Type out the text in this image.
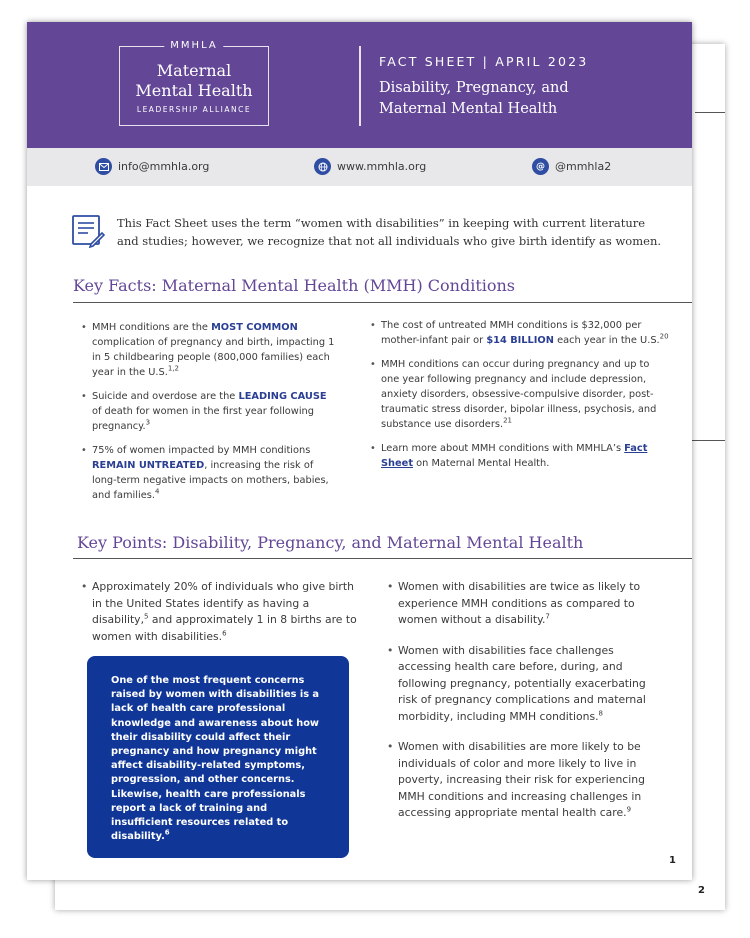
2
MMHLA
Maternal
Mental Health
LEADERSHIP ALLIANCE
FACT SHEET | APRIL 2023
Disability, Pregnancy, and
Maternal Mental Health
info@mmhla.org	www.mmhla.org	@ @mmhla2
This Fact Sheet uses the term “women with disabilities” in keeping with current literature
and studies; however, we recognize that not all individuals who give birth identify as women.
Key Facts: Maternal Mental Health (MMH) Conditions
• MMH conditions are the MOST COMMON complication of pregnancy and birth, impacting 1 in 5 childbearing people (800,000 families) each year in the U.S.$^{1,2}$
• Suicide and overdose are the LEADING CAUSE of death for women in the first year following pregnancy.$^3$
• 75% of women impacted by MMH conditions REMAIN UNTREATED, increasing the risk of long-term negative impacts on mothers, babies, and families.$^4$
• The cost of untreated MMH conditions is $32,000 per mother-infant pair or $14 BILLION each year in the U.S.$^{20}$
• MMH conditions can occur during pregnancy and up to one year following pregnancy and include depression, anxiety disorders, obsessive-compulsive disorder, post-traumatic stress disorder, bipolar illness, psychosis, and substance use disorders.$^{21}$
• Learn more about MMH conditions with MMHLA’s Fact Sheet on Maternal Mental Health.
Key Points: Disability, Pregnancy, and Maternal Mental Health
• Approximately 20% of individuals who give birth in the United States identify as having a disability,$^5$ and approximately 1 in 8 births are to women with disabilities.$^6$
One of the most frequent concerns raised by women with disabilities is a lack of health care professional knowledge and awareness about how their disability could affect their pregnancy and how pregnancy might affect disability-related symptoms, progression, and other concerns. Likewise, health care professionals report a lack of training and insufficient resources related to disability.$^6$
• Women with disabilities are twice as likely to experience MMH conditions as compared to women without a disability.$^7$
• Women with disabilities face challenges accessing health care before, during, and following pregnancy, potentially exacerbating risk of pregnancy complications and maternal morbidity, including MMH conditions.$^8$
• Women with disabilities are more likely to be individuals of color and more likely to live in poverty, increasing their risk for experiencing MMH conditions and increasing challenges in accessing appropriate mental health care.$^9$
1
